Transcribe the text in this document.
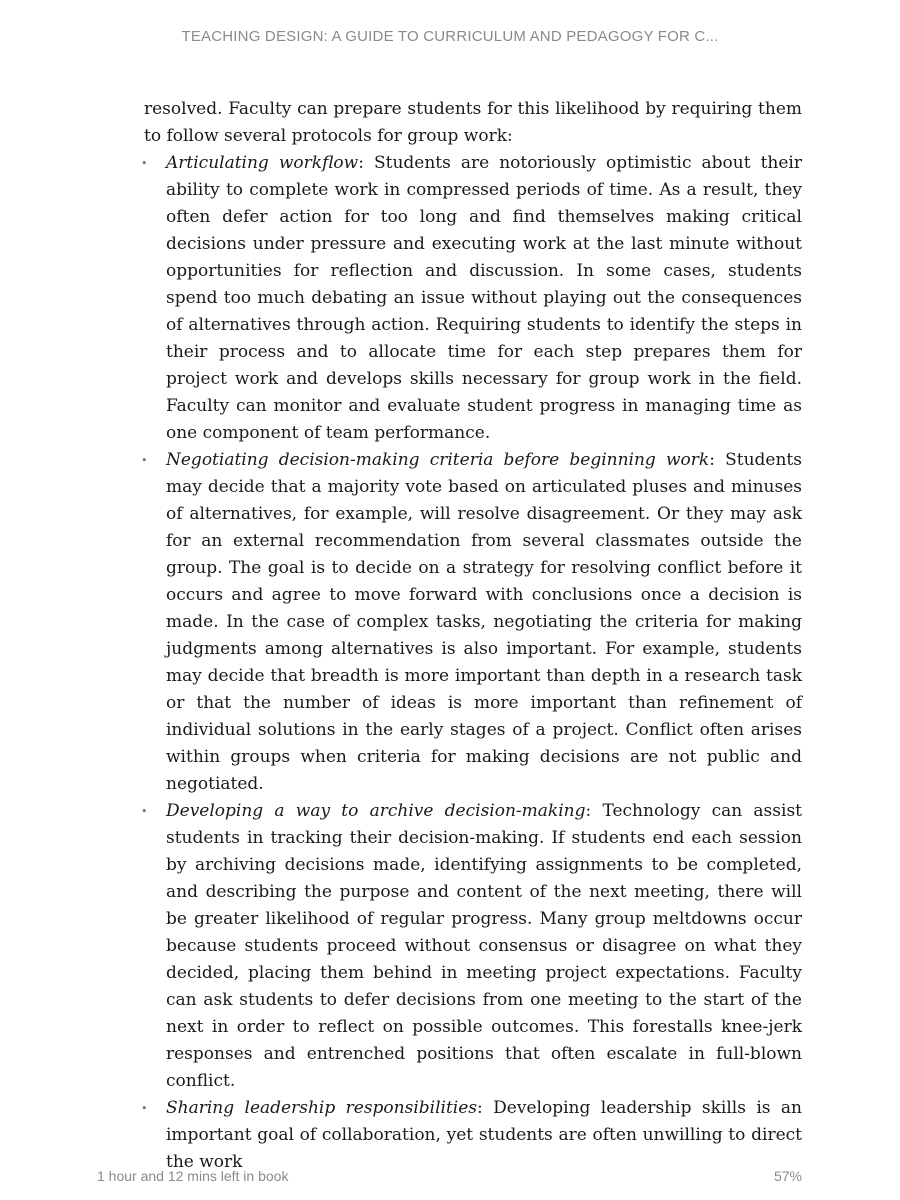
TEACHING DESIGN: A GUIDE TO CURRICULUM AND PEDAGOGY FOR C...

resolved. Faculty can prepare students for this likelihood by requiring them to follow several protocols for group work:

• Articulating workflow: Students are notoriously optimistic about their ability to complete work in compressed periods of time. As a result, they often defer action for too long and find themselves making critical decisions under pressure and executing work at the last minute without opportunities for reflection and discussion. In some cases, students spend too much debating an issue without playing out the consequences of alternatives through action. Requiring students to identify the steps in their process and to allocate time for each step prepares them for project work and develops skills necessary for group work in the field. Faculty can monitor and evaluate student progress in managing time as one component of team performance.
• Negotiating decision-making criteria before beginning work: Students may decide that a majority vote based on articulated pluses and minuses of alternatives, for example, will resolve disagreement. Or they may ask for an external recommendation from several classmates outside the group. The goal is to decide on a strategy for resolving conflict before it occurs and agree to move forward with conclusions once a decision is made. In the case of complex tasks, negotiating the criteria for making judgments among alternatives is also important. For example, students may decide that breadth is more important than depth in a research task or that the number of ideas is more important than refinement of individual solutions in the early stages of a project. Conflict often arises within groups when criteria for making decisions are not public and negotiated.
• Developing a way to archive decision-making: Technology can assist students in tracking their decision-making. If students end each session by archiving decisions made, identifying assignments to be completed, and describing the purpose and content of the next meeting, there will be greater likelihood of regular progress. Many group meltdowns occur because students proceed without consensus or disagree on what they decided, placing them behind in meeting project expectations. Faculty can ask students to defer decisions from one meeting to the start of the next in order to reflect on possible outcomes. This forestalls knee-jerk responses and entrenched positions that often escalate in full-blown conflict.
• Sharing leadership responsibilities: Developing leadership skills is an important goal of collaboration, yet students are often unwilling to direct the work
1 hour and 12 mins left in book	57%
